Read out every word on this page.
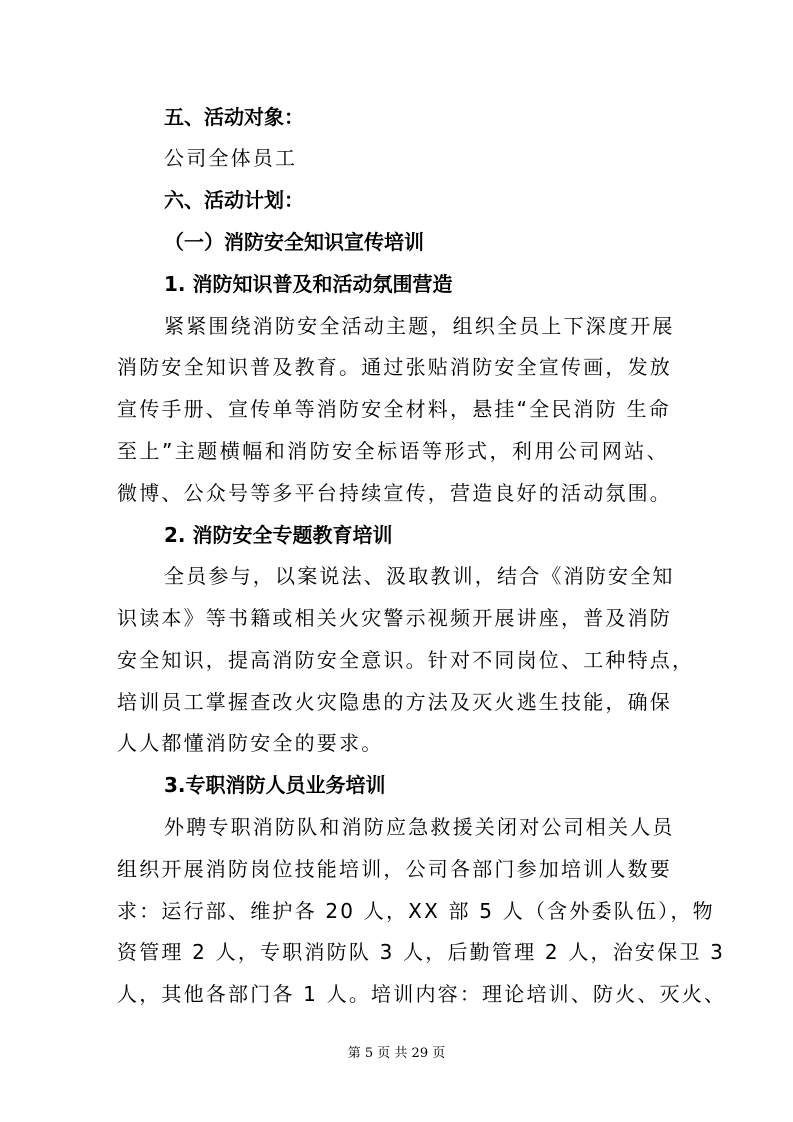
五、活动对象：
公司全体员工
六、活动计划：
（一）消防安全知识宣传培训
1. 消防知识普及和活动氛围营造
紧紧围绕消防安全活动主题，组织全员上下深度开展
消防安全知识普及教育。通过张贴消防安全宣传画，发放
宣传手册、宣传单等消防安全材料，悬挂“全民消防 生命
至上”主题横幅和消防安全标语等形式，利用公司网站、
微博、公众号等多平台持续宣传，营造良好的活动氛围。
2. 消防安全专题教育培训
全员参与，以案说法、汲取教训，结合《消防安全知
识读本》等书籍或相关火灾警示视频开展讲座，普及消防
安全知识，提高消防安全意识。针对不同岗位、工种特点，
培训员工掌握查改火灾隐患的方法及灭火逃生技能，确保
人人都懂消防安全的要求。
3.专职消防人员业务培训
外聘专职消防队和消防应急救援关闭对公司相关人员
组织开展消防岗位技能培训，公司各部门参加培训人数要
求：运行部、维护各 20 人，XX 部 5 人（含外委队伍），物
资管理 2 人，专职消防队 3 人，后勤管理 2 人，治安保卫 3
人，其他各部门各 1 人。培训内容：理论培训、防火、灭火、
第 5 页 共 29 页
